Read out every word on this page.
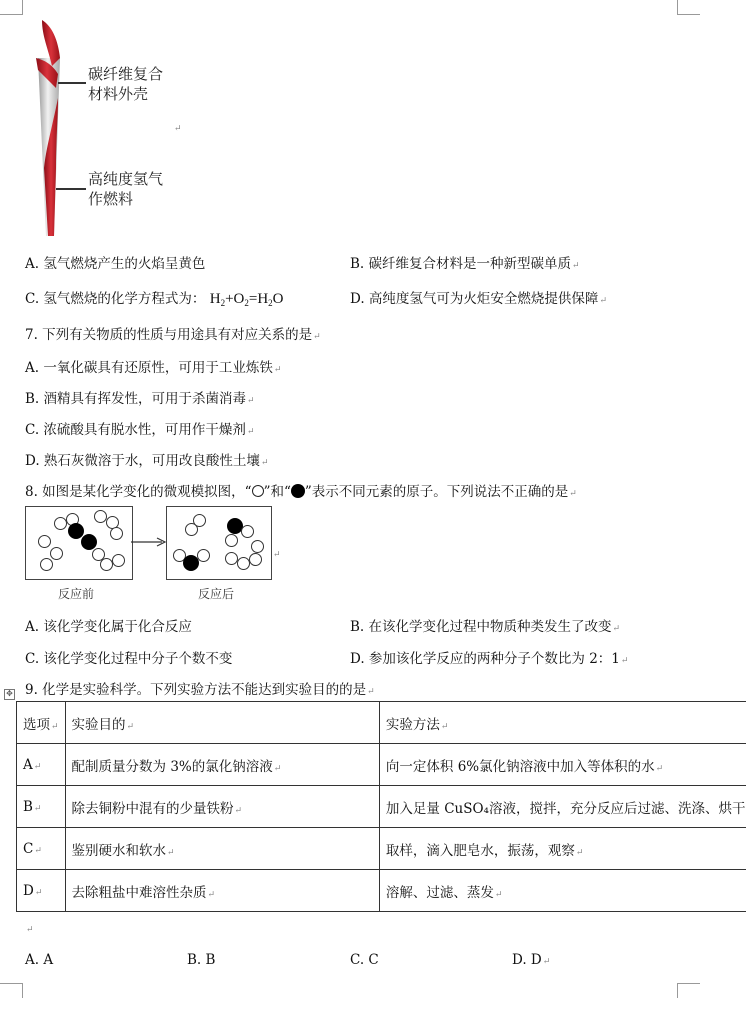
碳纤维复合
材料外壳
高纯度氢气
作燃料
↵
A. 氢气燃烧产生的火焰呈黄色	B. 碳纤维复合材料是一种新型碳单质↵
C. 氢气燃烧的化学方程式为： $H_2+O_2=H_2O$	D. 高纯度氢气可为火炬安全燃烧提供保障↵
7. 下列有关物质的性质与用途具有对应关系的是↵
A. 一氧化碳具有还原性，可用于工业炼铁↵
B. 酒精具有挥发性，可用于杀菌消毒↵
C. 浓硫酸具有脱水性，可用作干燥剂↵
D. 熟石灰微溶于水，可用改良酸性土壤↵
8. 如图是某化学变化的微观模拟图，“ ”和“ ”表示不同元素的原子。下列说法不正确的是↵
↵
反应前	反应后
A. 该化学变化属于化合反应	B. 在该化学变化过程中物质种类发生了改变↵
C. 该化学变化过程中分子个数不变	D. 参加该化学反应的两种分子个数比为 2：1↵
✥ 9. 化学是实验科学。下列实验方法不能达到实验目的的是↵
选项↵	实验目的↵	实验方法↵
A↵	配制质量分数为 3%的氯化钠溶液↵	向一定体积 6%氯化钠溶液中加入等体积的水↵
B↵	除去铜粉中混有的少量铁粉↵	加入足量 CuSO₄溶液，搅拌，充分反应后过滤、洗涤、烘干
C↵	鉴别硬水和软水↵	取样，滴入肥皂水，振荡，观察↵
D↵	去除粗盐中难溶性杂质↵	溶解、过滤、蒸发↵
↵
A. A	B. B	C. C	D. D↵
